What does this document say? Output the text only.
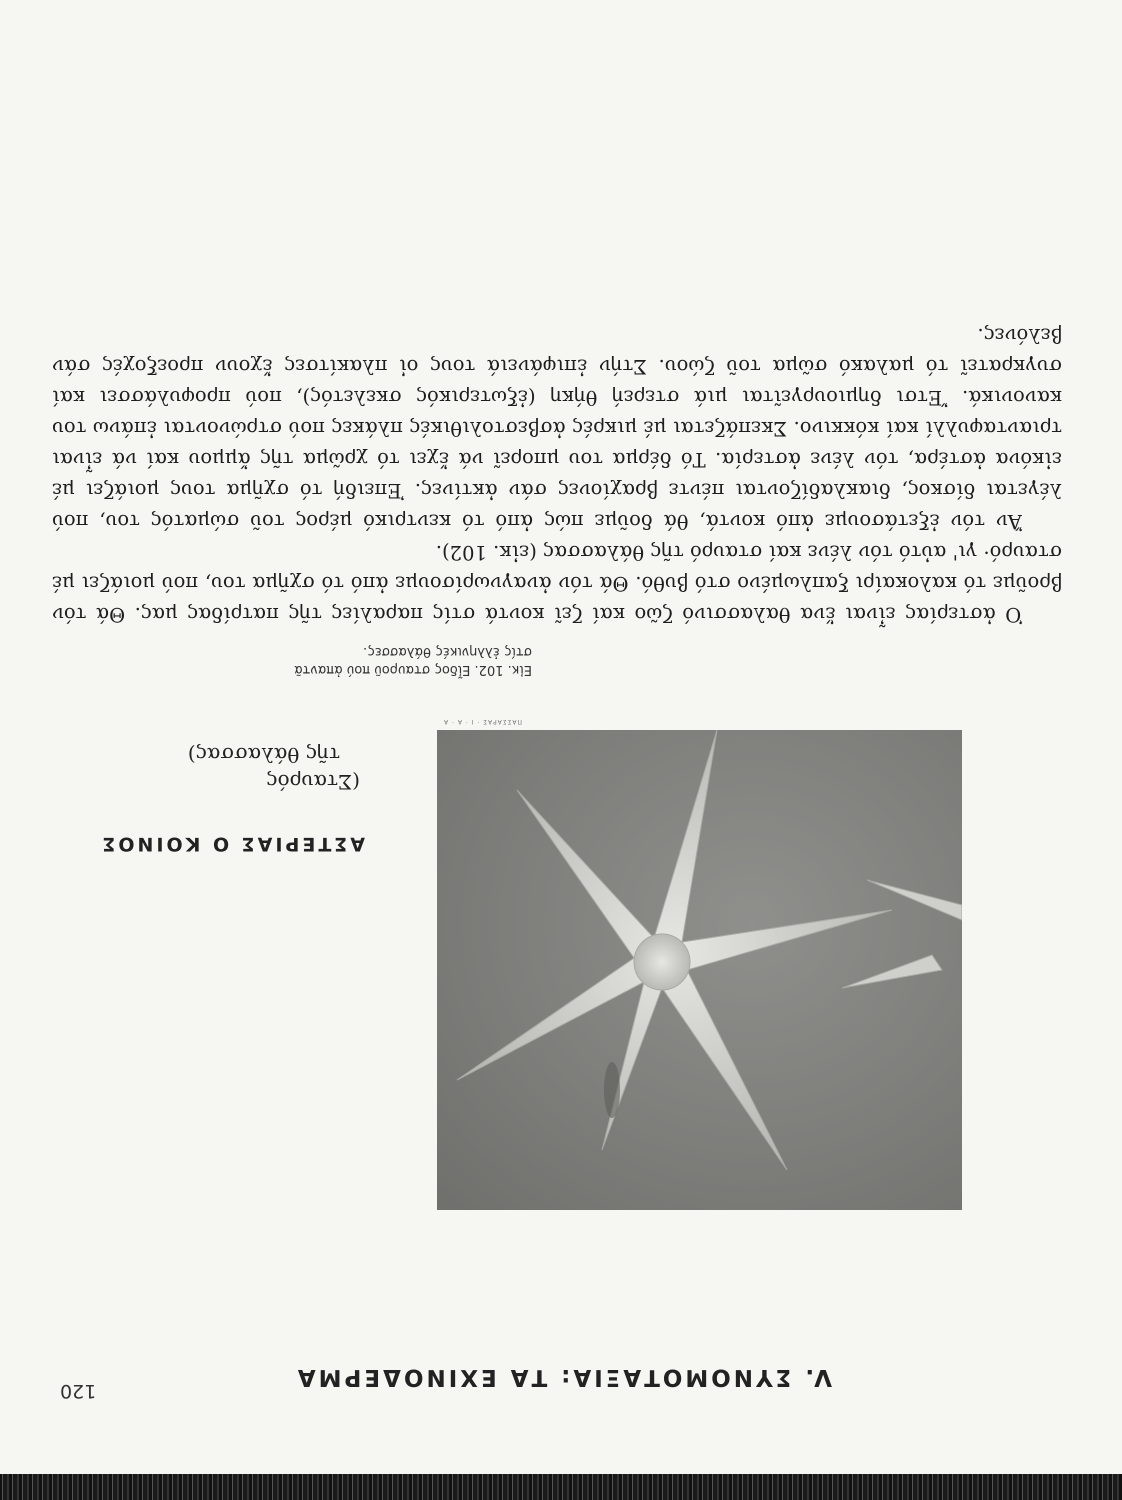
V. ΣΥΝΟΜΟΤΑΞΙΑ: ΤΑ ΕΧΙΝΟΔΕΡΜΑ
ΠΑΣΣΑΡΑΣ · Ι · Α · Α
ΑΣΤΕΡΙΑΣ Ο ΚΟΙΝΟΣ
(Σταυρός
τῆς θάλασσας)
Εἰκ. 102. Εἶδος σταυροῦ πού ἀπαντᾶ
στίς ἑλληνικές θάλασσες.

Ὁ ἀστερίας εἶναι ἕνα θαλασσινό ζῶο καί ζεῖ κοντά στίς παραλίες τῆς πατρίδας μας. Θά τόν βροῦμε τό καλοκαίρι ξαπλωμένο στό βυθό. Θά τόν ἀναγνωρίσουμε ἀπό τό σχῆμα του, πού μοιάζει μέ σταυρό· γι' αὐτό τόν λένε καί σταυρό τῆς θάλασσας (εἰκ. 102).

Ἄν τόν ἐξετάσουμε ἀπό κοντά, θά δοῦμε πώς ἀπό τό κεντρικό μέρος τοῦ σώματός του, πού λέγεται δίσκος, διακλαδίζονται πέντε βραχίονες σάν ἀκτίνες. Ἐπειδή τό σχῆμα τους μοιάζει μέ εἰκόνα ἀστέρα, τόν λένε ἀστερία. Τό δέρμα του μπορεῖ νά ἔχει τό χρῶμα τῆς ἄμμου καί νά εἶναι τριανταφυλλί καί κόκκινο. Σκεπάζεται μέ μικρές ἀσβεστολιθικές πλάκες πού στρώνονται ἐπάνω του κανονικά. Ἔτσι δημιουργεῖται μιά στερεή θήκη (ἐξωτερικός σκελετός), πού προφυλάσσει καί συγκρατεῖ τό μαλακό σῶμα τοῦ ζώου. Στήν ἐπιφάνειά τους οἱ πλακίτσες ἔχουν προεξοχές σάν βελόνες.

120
